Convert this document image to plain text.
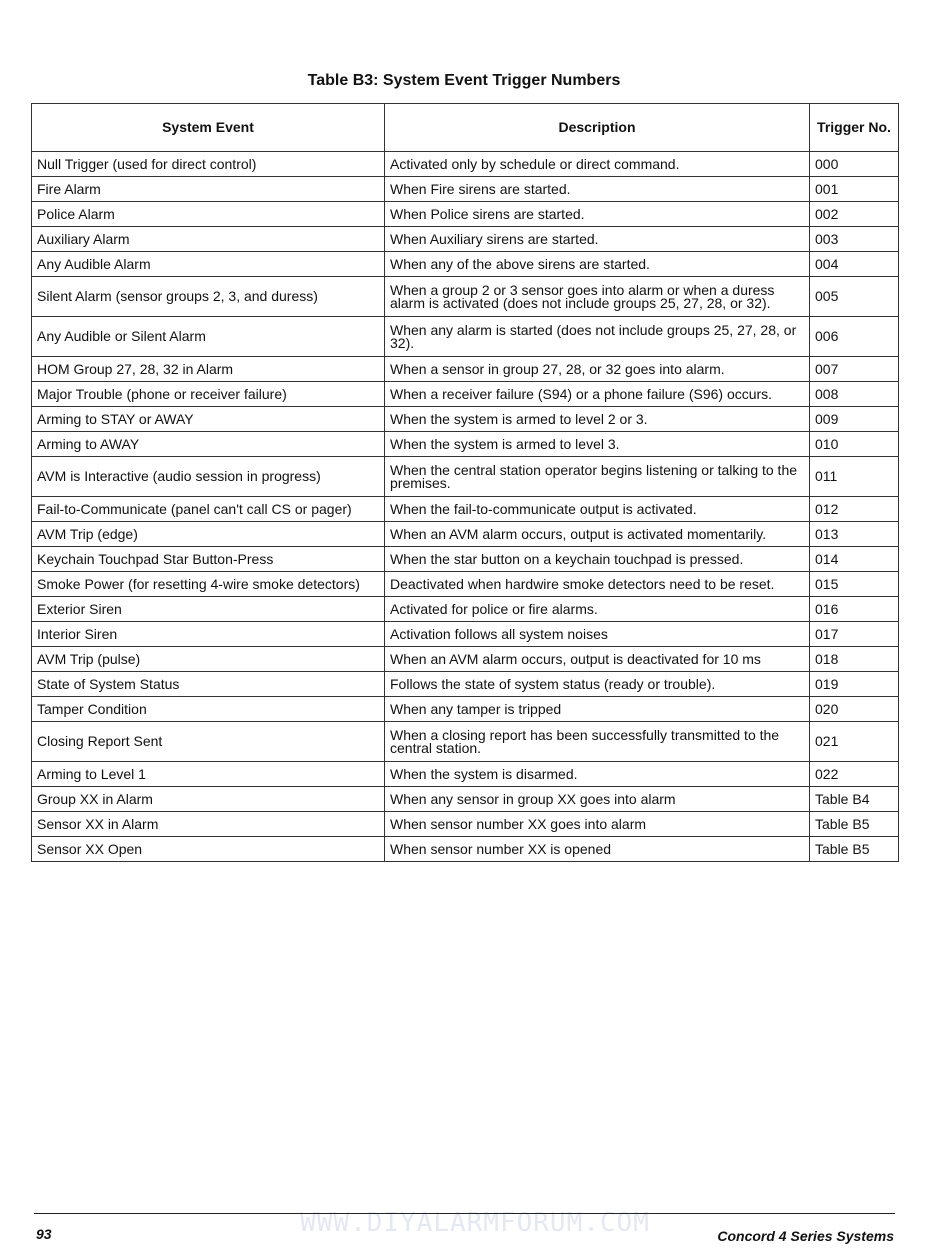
Table B3: System Event Trigger Numbers
System Event	Description	Trigger No.
Null Trigger (used for direct control)	Activated only by schedule or direct command.	000
Fire Alarm	When Fire sirens are started.	001
Police Alarm	When Police sirens are started.	002
Auxiliary Alarm	When Auxiliary sirens are started.	003
Any Audible Alarm	When any of the above sirens are started.	004
Silent Alarm (sensor groups 2, 3, and duress)	When a group 2 or 3 sensor goes into alarm or when a duress alarm is activated (does not include groups 25, 27, 28, or 32).	005
Any Audible or Silent Alarm	When any alarm is started (does not include groups 25, 27, 28, or 32).	006
HOM Group 27, 28, 32 in Alarm	When a sensor in group 27, 28, or 32 goes into alarm.	007
Major Trouble (phone or receiver failure)	When a receiver failure (S94) or a phone failure (S96) occurs.	008
Arming to STAY or AWAY	When the system is armed to level 2 or 3.	009
Arming to AWAY	When the system is armed to level 3.	010
AVM is Interactive (audio session in progress)	When the central station operator begins listening or talking to the premises.	011
Fail-to-Communicate (panel can't call CS or pager)	When the fail-to-communicate output is activated.	012
AVM Trip (edge)	When an AVM alarm occurs, output is activated momentarily.	013
Keychain Touchpad Star Button-Press	When the star button on a keychain touchpad is pressed.	014
Smoke Power (for resetting 4-wire smoke detectors)	Deactivated when hardwire smoke detectors need to be reset.	015
Exterior Siren	Activated for police or fire alarms.	016
Interior Siren	Activation follows all system noises	017
AVM Trip (pulse)	When an AVM alarm occurs, output is deactivated for 10 ms	018
State of System Status	Follows the state of system status (ready or trouble).	019
Tamper Condition	When any tamper is tripped	020
Closing Report Sent	When a closing report has been successfully transmitted to the central station.	021
Arming to Level 1	When the system is disarmed.	022
Group XX in Alarm	When any sensor in group XX goes into alarm	Table B4
Sensor XX in Alarm	When sensor number XX goes into alarm	Table B5
Sensor XX Open	When sensor number XX is opened	Table B5
WWW.DIYALARMFORUM.COM
93	Concord 4 Series Systems
